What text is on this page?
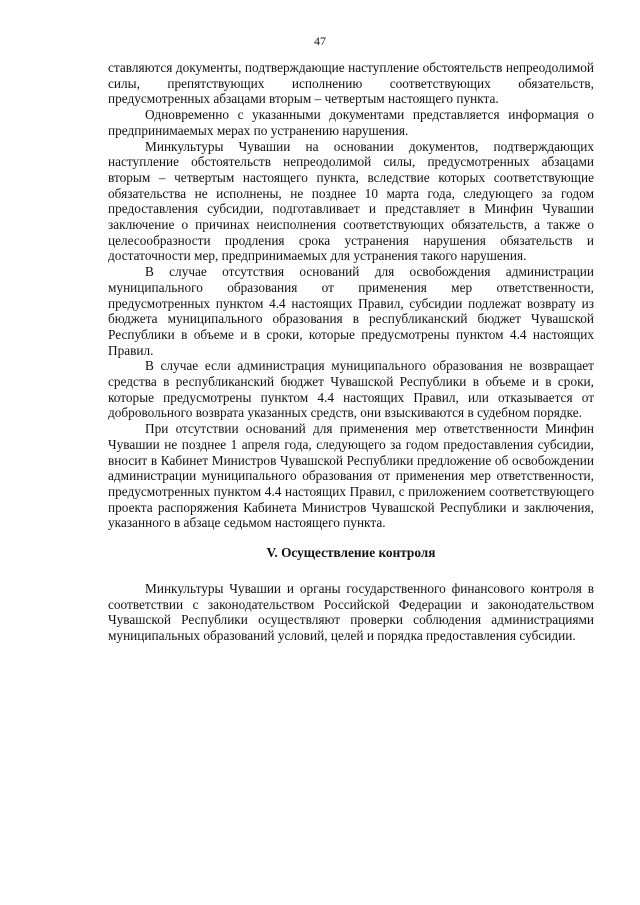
47

ставляются документы, подтверждающие наступление обстоятельств непреодолимой силы, препятствующих исполнению соответствующих обязательств, предусмотренных абзацами вторым – четвертым настоящего пункта.

Одновременно с указанными документами представляется информация о предпринимаемых мерах по устранению нарушения.

Минкультуры Чувашии на основании документов, подтверждающих наступление обстоятельств непреодолимой силы, предусмотренных абзацами вторым – четвертым настоящего пункта, вследствие которых соответствующие обязательства не исполнены, не позднее 10 марта года, следующего за годом предоставления субсидии, подготавливает и представляет в Минфин Чувашии заключение о причинах неисполнения соответствующих обязательств, а также о целесообразности продления срока устранения нарушения обязательств и достаточности мер, предпринимаемых для устранения такого нарушения.

В случае отсутствия оснований для освобождения администрации муниципального образования от применения мер ответственности, предусмотренных пунктом 4.4 настоящих Правил, субсидии подлежат возврату из бюджета муниципального образования в республиканский бюджет Чувашской Республики в объеме и в сроки, которые предусмотрены пунктом 4.4 настоящих Правил.

В случае если администрация муниципального образования не возвращает средства в республиканский бюджет Чувашской Республики в объеме и в сроки, которые предусмотрены пунктом 4.4 настоящих Правил, или отказывается от добровольного возврата указанных средств, они взыскиваются в судебном порядке.

При отсутствии оснований для применения мер ответственности Минфин Чувашии не позднее 1 апреля года, следующего за годом предоставления субсидии, вносит в Кабинет Министров Чувашской Республики предложение об освобождении администрации муниципального образования от применения мер ответственности, предусмотренных пунктом 4.4 настоящих Правил, с приложением соответствующего проекта распоряжения Кабинета Министров Чувашской Республики и заключения, указанного в абзаце седьмом настоящего пункта.

V. Осуществление контроля

Минкультуры Чувашии и органы государственного финансового контроля в соответствии с законодательством Российской Федерации и законодательством Чувашской Республики осуществляют проверки соблюдения администрациями муниципальных образований условий, целей и порядка предоставления субсидии.
